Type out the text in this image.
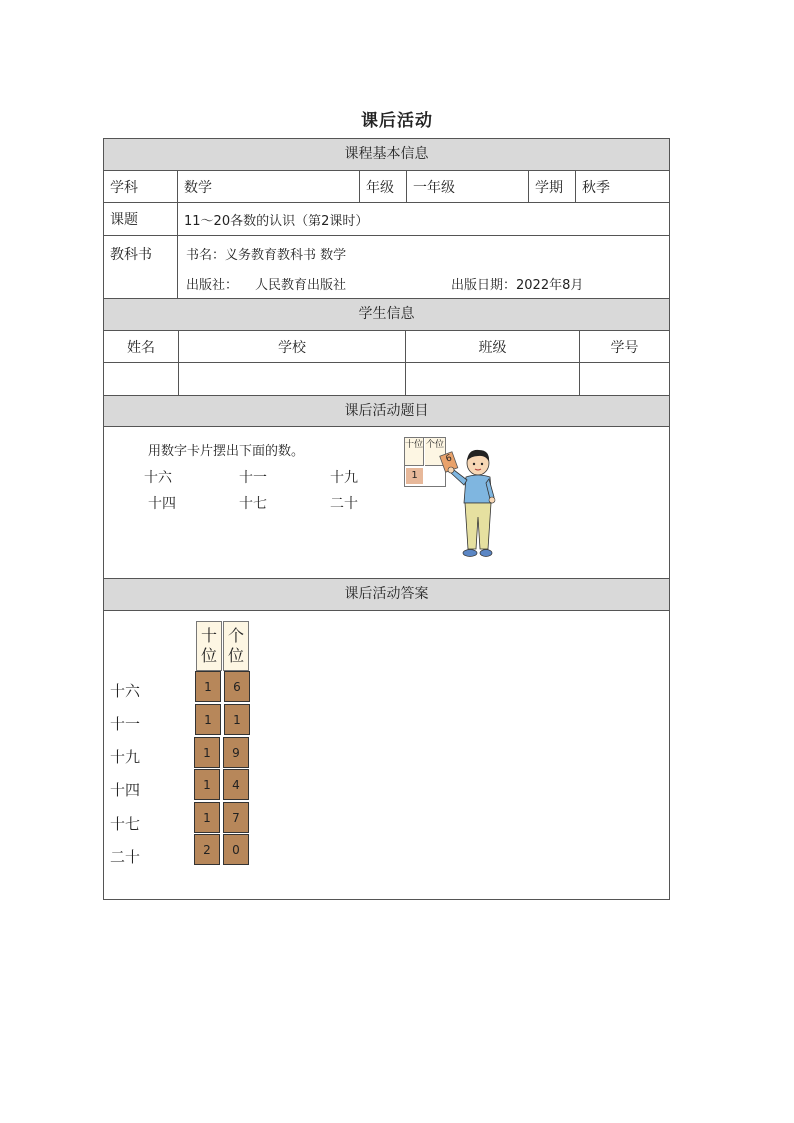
课后活动
课程基本信息
学科	数学	年级	一年级	学期	秋季
课题	11～20各数的认识（第2课时）
教科书	书名：义务教育教科书 数学
出版社： 人民教育出版社	出版日期：2022年8月
学生信息
姓名	学校	班级	学号
课后活动题目
用数字卡片摆出下面的数。
十六	十一	十九
十四	十七	二十
十位 个位
1
6
课后活动答案
十
位
个
位
十六	1	6
十一	1	1
十九	1	9
十四	1	4
十七	1	7
二十	2	0
